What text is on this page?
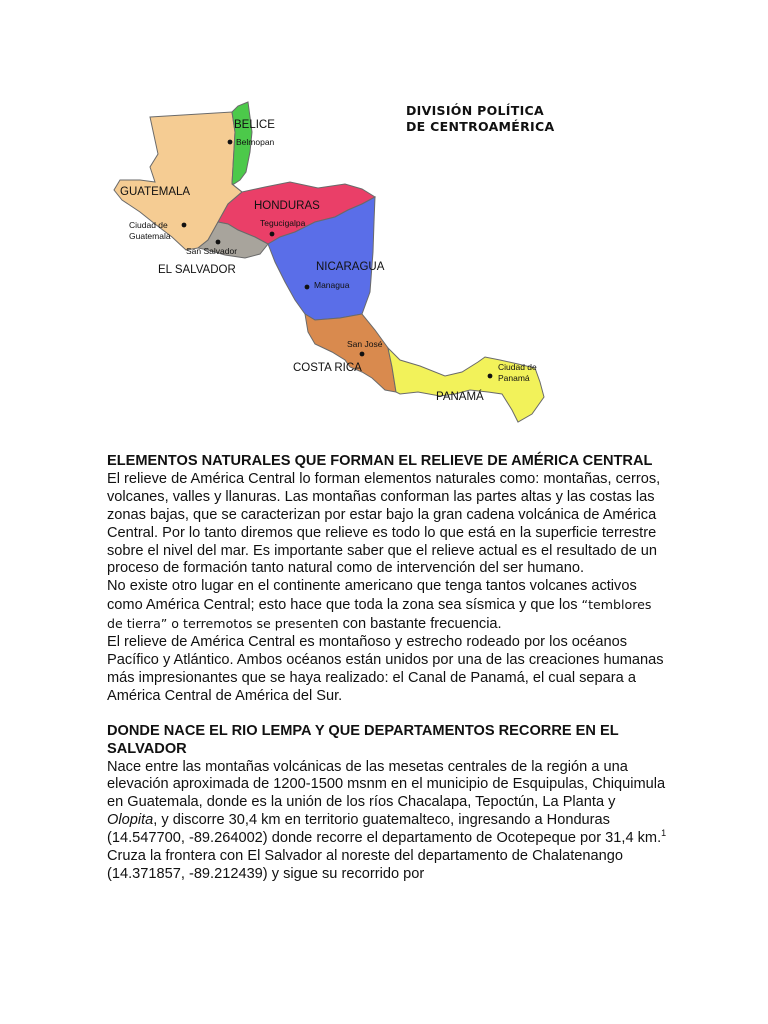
DIVISIÓN POLÍTICA
DE CENTROAMÉRICA
BELICE
GUATEMALA
HONDURAS
EL SALVADOR	NICARAGUA
COSTA RICA
PANAMÁ
Belmopan
Ciudad de
Guatemala
Tegucigalpa
San Salvador
Managua
San José
Ciudad de
Panamá

ELEMENTOS NATURALES QUE FORMAN EL RELIEVE DE AMÉRICA CENTRAL

El relieve de América Central lo forman elementos naturales como: montañas, cerros, volcanes, valles y llanuras. Las montañas conforman las partes altas y las costas las zonas bajas, que se caracterizan por estar bajo la gran cadena volcánica de América Central. Por lo tanto diremos que relieve es todo lo que está en la superficie terrestre sobre el nivel del mar. Es importante saber que el relieve actual es el resultado de un proceso de formación tanto natural como de intervención del ser humano.

No existe otro lugar en el continente americano que tenga tantos volcanes activos como América Central; esto hace que toda la zona sea sísmica y que los “temblores de tierra” o terremotos se presenten con bastante frecuencia.

El relieve de América Central es montañoso y estrecho rodeado por los océanos Pacífico y Atlántico. Ambos océanos están unidos por una de las creaciones humanas más impresionantes que se haya realizado: el Canal de Panamá, el cual separa a América Central de América del Sur.

DONDE NACE EL RIO LEMPA Y QUE DEPARTAMENTOS RECORRE EN EL SALVADOR

Nace entre las montañas volcánicas de las mesetas centrales de la región a una elevación aproximada de 1200-1500 msnm en el municipio de Esquipulas, Chiquimula en Guatemala, donde es la unión de los ríos Chacalapa, Tepoctún, La Planta y Olopita, y discorre 30,4 km en territorio guatemalteco, ingresando a Honduras (14.547700, -89.264002) donde recorre el departamento de Ocotepeque por 31,4 km.$^1$ Cruza la frontera con El Salvador al noreste del departamento de Chalatenango (14.371857, -89.212439) y sigue su recorrido por
